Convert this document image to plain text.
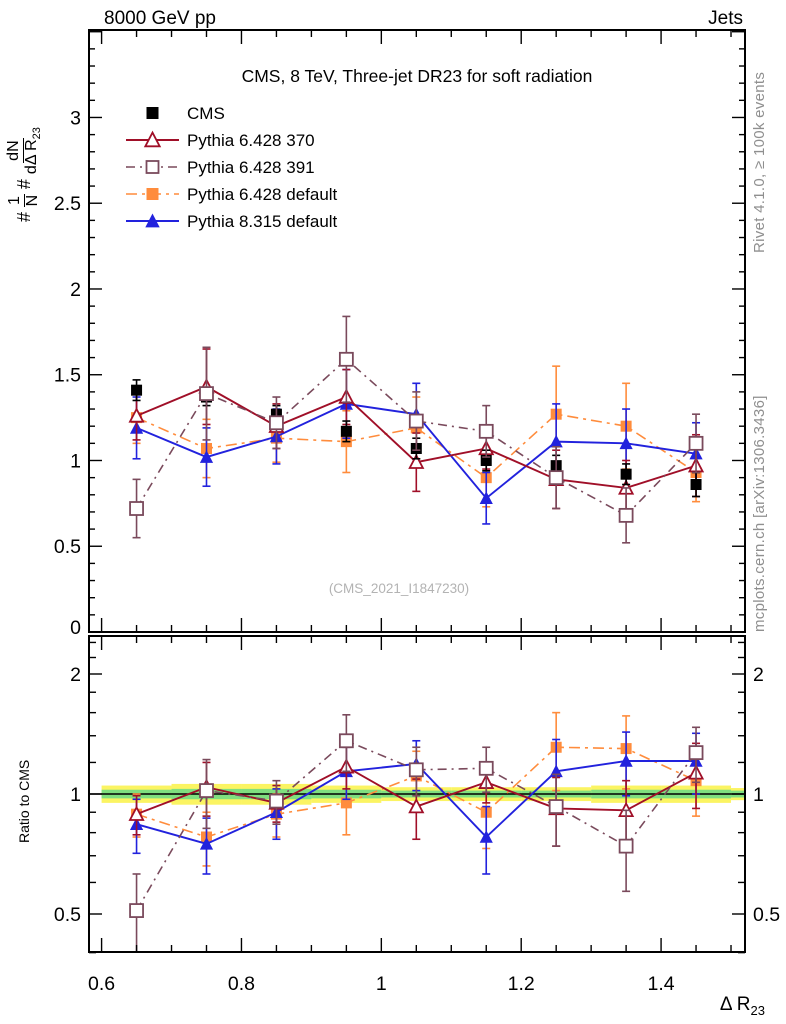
8000 GeV pp	Jets
#
1 N
#
dN dΔ $R_{23}$
Ratio to CMS
CMS, 8 TeV, Three-jet DR23 for soft radiation
(CMS_2021_I1847230)
Rivet 4.1.0, ≥ 100k events
mcplots.cern.ch [arXiv:1306.3436]
Δ $R_{23}$
0.6	0.8	1	1.2	1.4
0.5
1
1.5
2
2.5
3
0
0.5	0.5
1	1
2	2
CMS
Pythia 6.428 370
Pythia 6.428 391
Pythia 6.428 default
Pythia 8.315 default
